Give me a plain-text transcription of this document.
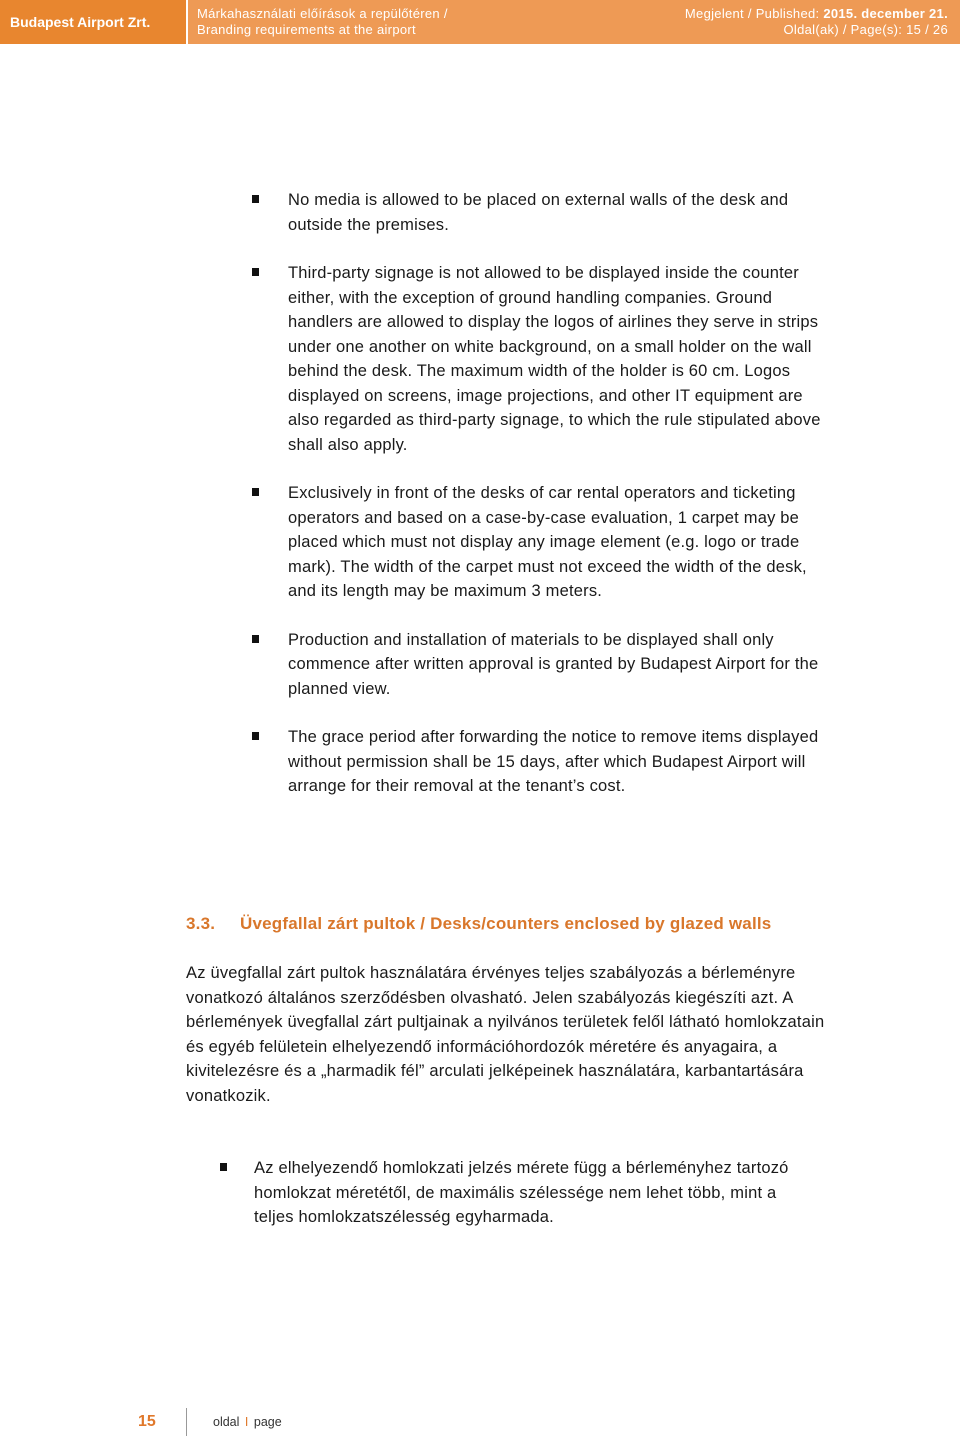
Budapest Airport Zrt.
Márkahasználati előírások a repülőtéren /
Branding requirements at the airport
Megjelent / Published: 2015. december 21.
Oldal(ak) / Page(s): 15 / 26
No media is allowed to be placed on external walls of the desk and outside the premises.
Third-party signage is not allowed to be displayed inside the counter either, with the exception of ground handling companies. Ground handlers are allowed to display the logos of airlines they serve in strips under one another on white background, on a small holder on the wall behind the desk. The maximum width of the holder is 60 cm. Logos displayed on screens, image projections, and other IT equipment are also regarded as third-party signage, to which the rule stipulated above shall also apply.
Exclusively in front of the desks of car rental operators and ticketing operators and based on a case-by-case evaluation, 1 carpet may be placed which must not display any image element (e.g. logo or trade mark). The width of the carpet must not exceed the width of the desk, and its length may be maximum 3 meters.
Production and installation of materials to be displayed shall only commence after written approval is granted by Budapest Airport for the planned view.
The grace period after forwarding the notice to remove items displayed without permission shall be 15 days, after which Budapest Airport will arrange for their removal at the tenant’s cost.
3.3. Üvegfallal zárt pultok / Desks/counters enclosed by glazed walls
Az üvegfallal zárt pultok használatára érvényes teljes szabályozás a bérleményre vonatkozó általános szerződésben olvasható. Jelen szabályozás kiegészíti azt. A bérlemények üvegfallal zárt pultjainak a nyilvános területek felől látható homlokzatain és egyéb felületein elhelyezendő információhordozók méretére és anyagaira, a kivitelezésre és a „harmadik fél” arculati jelképeinek használatára, karbantartására vonatkozik.
Az elhelyezendő homlokzati jelzés mérete függ a bérleményhez tartozó homlokzat méretétől, de maximális szélessége nem lehet több, mint a teljes homlokzatszélesség egyharmada.
15	oldal I page
